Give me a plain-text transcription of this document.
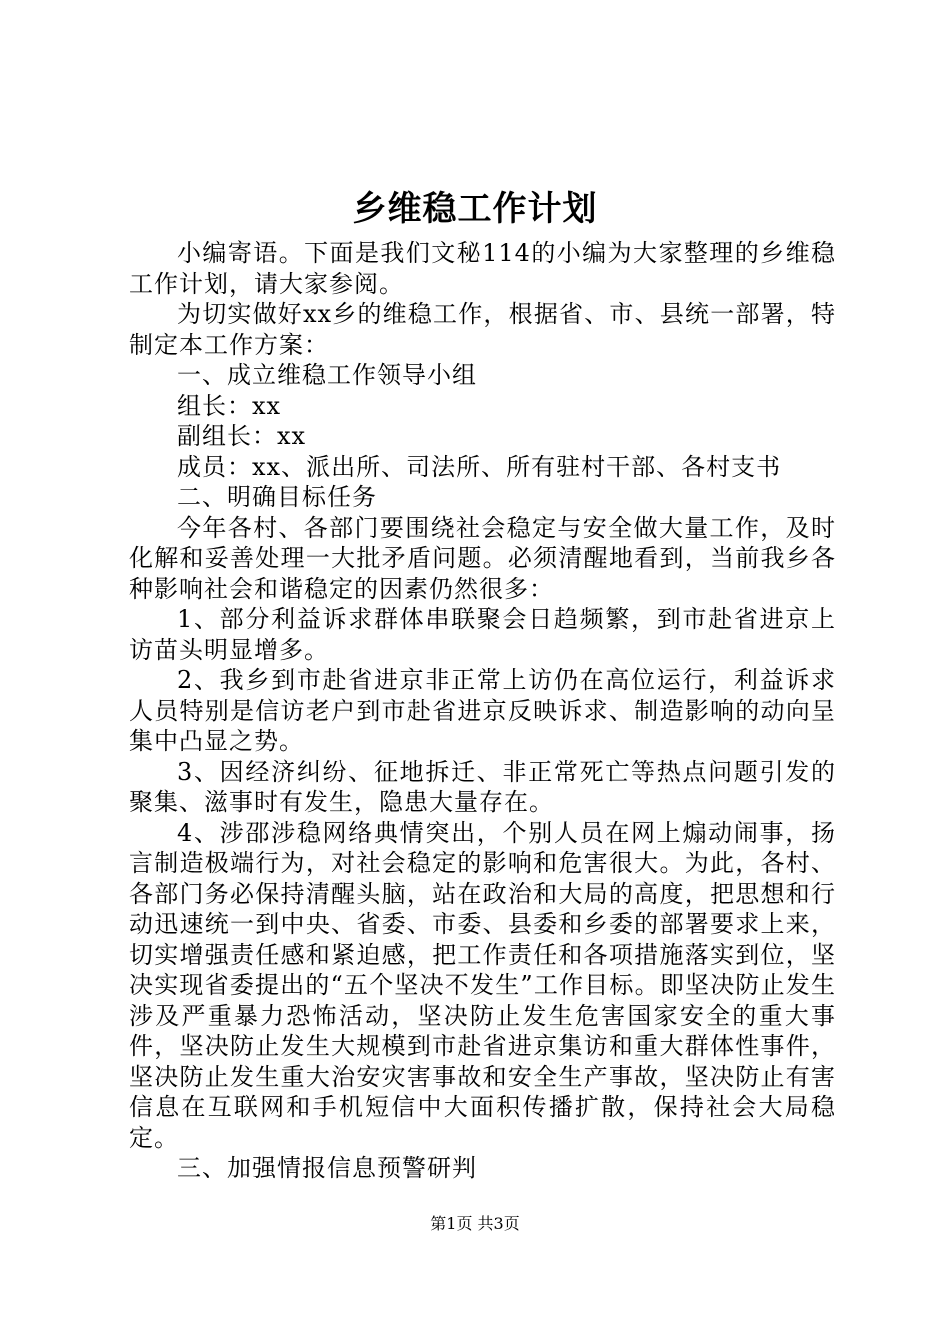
乡维稳工作计划

小编寄语。下面是我们文秘114的小编为大家整理的乡维稳工作计划，请大家参阅。

为切实做好xx乡的维稳工作，根据省、市、县统一部署，特制定本工作方案：

一、成立维稳工作领导小组

组长：xx

副组长：xx

成员：xx、派出所、司法所、所有驻村干部、各村支书

二、明确目标任务

今年各村、各部门要围绕社会稳定与安全做大量工作，及时化解和妥善处理一大批矛盾问题。必须清醒地看到，当前我乡各种影响社会和谐稳定的因素仍然很多：

1、部分利益诉求群体串联聚会日趋频繁，到市赴省进京上访苗头明显增多。

2、我乡到市赴省进京非正常上访仍在高位运行，利益诉求人员特别是信访老户到市赴省进京反映诉求、制造影响的动向呈集中凸显之势。

3、因经济纠纷、征地拆迁、非正常死亡等热点问题引发的聚集、滋事时有发生，隐患大量存在。

4、涉邵涉稳网络典情突出，个别人员在网上煽动闹事，扬言制造极端行为，对社会稳定的影响和危害很大。为此，各村、各部门务必保持清醒头脑，站在政治和大局的高度，把思想和行动迅速统一到中央、省委、市委、县委和乡委的部署要求上来，切实增强责任感和紧迫感，把工作责任和各项措施落实到位，坚决实现省委提出的“五个坚决不发生”工作目标。即坚决防止发生涉及严重暴力恐怖活动，坚决防止发生危害国家安全的重大事件，坚决防止发生大规模到市赴省进京集访和重大群体性事件，坚决防止发生重大治安灾害事故和安全生产事故，坚决防止有害信息在互联网和手机短信中大面积传播扩散，保持社会大局稳定。

三、加强情报信息预警研判

第1页 共3页
